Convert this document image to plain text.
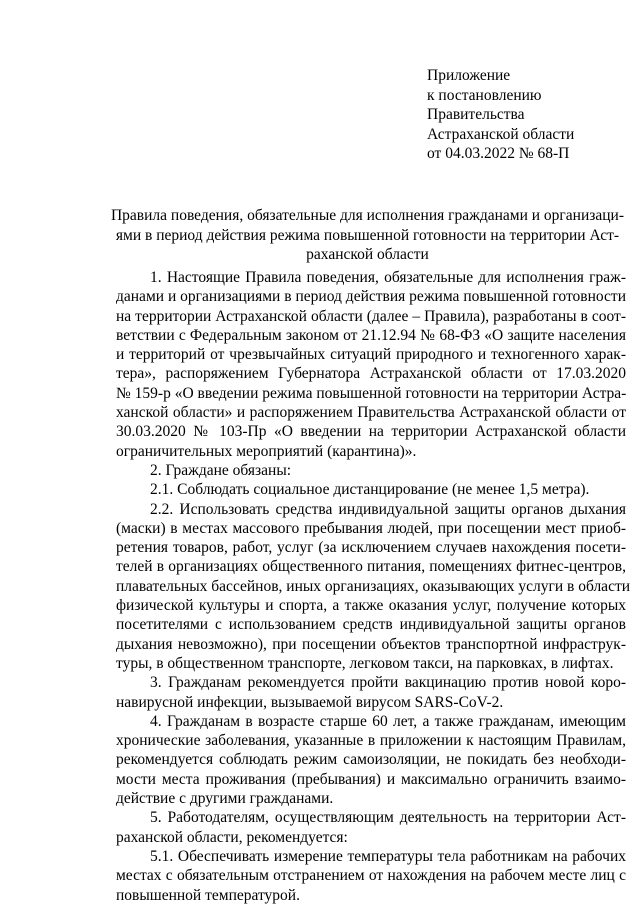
Приложение
к постановлению
Правительства
Астраханской области
от 04.03.2022 № 68-П
Правила поведения, обязательные для исполнения гражданами и организаци-
ями в период действия режима повышенной готовности на территории Аст-
раханской области
1. Настоящие Правила поведения, обязательные для исполнения граж-
данами и организациями в период действия режима повышенной готовности
на территории Астраханской области (далее – Правила), разработаны в соот-
ветствии с Федеральным законом от 21.12.94 № 68-ФЗ «О защите населения
и территорий от чрезвычайных ситуаций природного и техногенного харак-
тера», распоряжением Губернатора Астраханской области от 17.03.2020
№ 159-р «О введении режима повышенной готовности на территории Астра-
ханской области» и распоряжением Правительства Астраханской области от
30.03.2020 № 103-Пр «О введении на территории Астраханской области
ограничительных мероприятий (карантина)».
2. Граждане обязаны:
2.1. Соблюдать социальное дистанцирование (не менее 1,5 метра).
2.2. Использовать средства индивидуальной защиты органов дыхания
(маски) в местах массового пребывания людей, при посещении мест приоб-
ретения товаров, работ, услуг (за исключением случаев нахождения посети-
телей в организациях общественного питания, помещениях фитнес-центров,
плавательных бассейнов, иных организациях, оказывающих услуги в области
физической культуры и спорта, а также оказания услуг, получение которых
посетителями с использованием средств индивидуальной защиты органов
дыхания невозможно), при посещении объектов транспортной инфраструк-
туры, в общественном транспорте, легковом такси, на парковках, в лифтах.
3. Гражданам рекомендуется пройти вакцинацию против новой коро-
навирусной инфекции, вызываемой вирусом SARS-CoV-2.
4. Гражданам в возрасте старше 60 лет, а также гражданам, имеющим
хронические заболевания, указанные в приложении к настоящим Правилам,
рекомендуется соблюдать режим самоизоляции, не покидать без необходи-
мости места проживания (пребывания) и максимально ограничить взаимо-
действие с другими гражданами.
5. Работодателям, осуществляющим деятельность на территории Аст-
раханской области, рекомендуется:
5.1. Обеспечивать измерение температуры тела работникам на рабочих
местах с обязательным отстранением от нахождения на рабочем месте лиц с
повышенной температурой.
